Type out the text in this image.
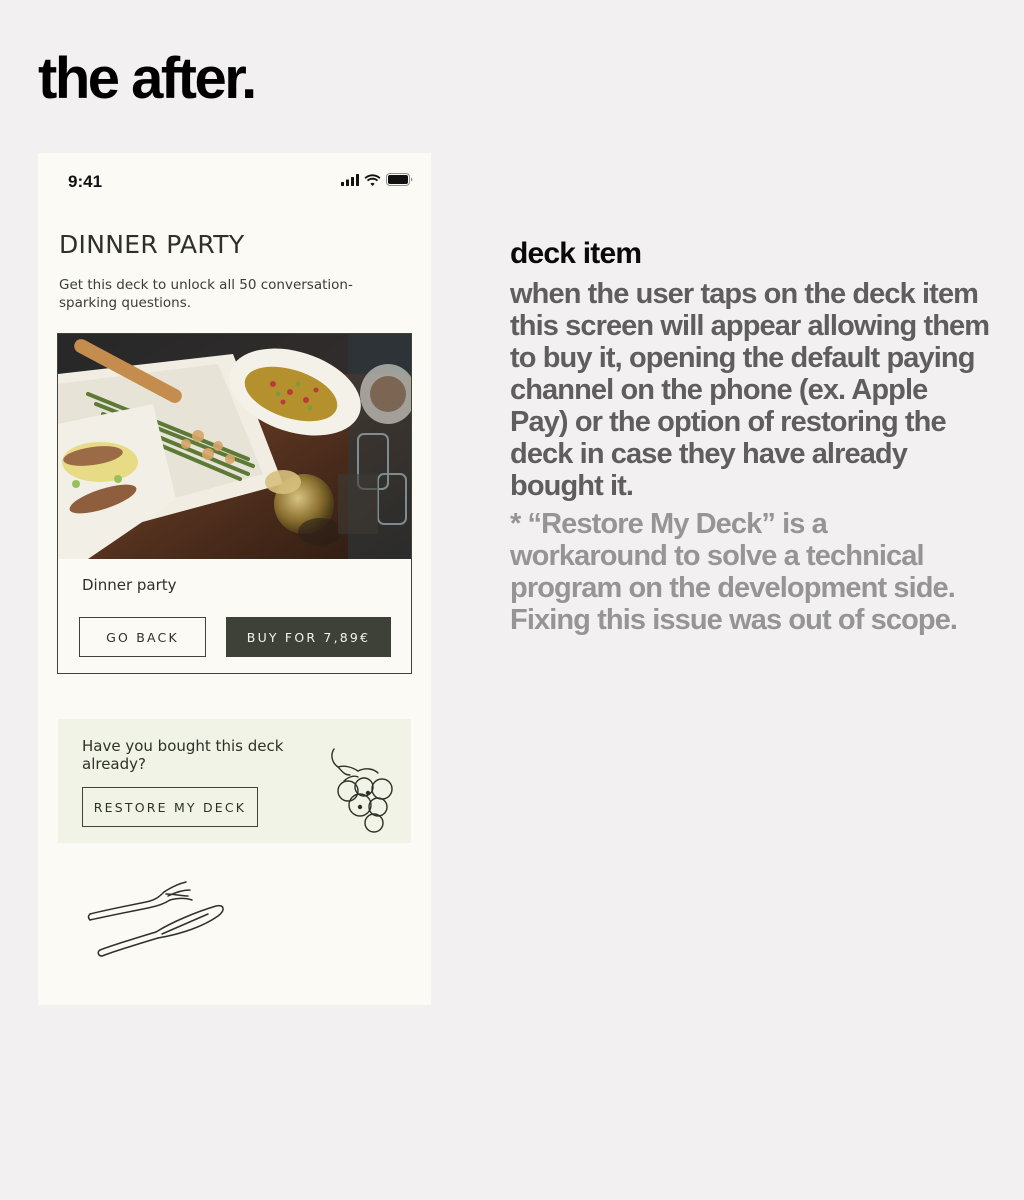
the after.
9:41
DINNER PARTY

Get this deck to unlock all 50 conversation-sparking questions.

Dinner party
GO BACK	BUY FOR 7,89€
Have you bought this deck already?
RESTORE MY DECK
deck item

when the user taps on the deck item this screen will appear allowing them to buy it, opening the default paying channel on the phone (ex. Apple Pay) or the option of restoring the deck in case they have already bought it.

* “Restore My Deck” is a workaround to solve a technical program on the development side. Fixing this issue was out of scope.
